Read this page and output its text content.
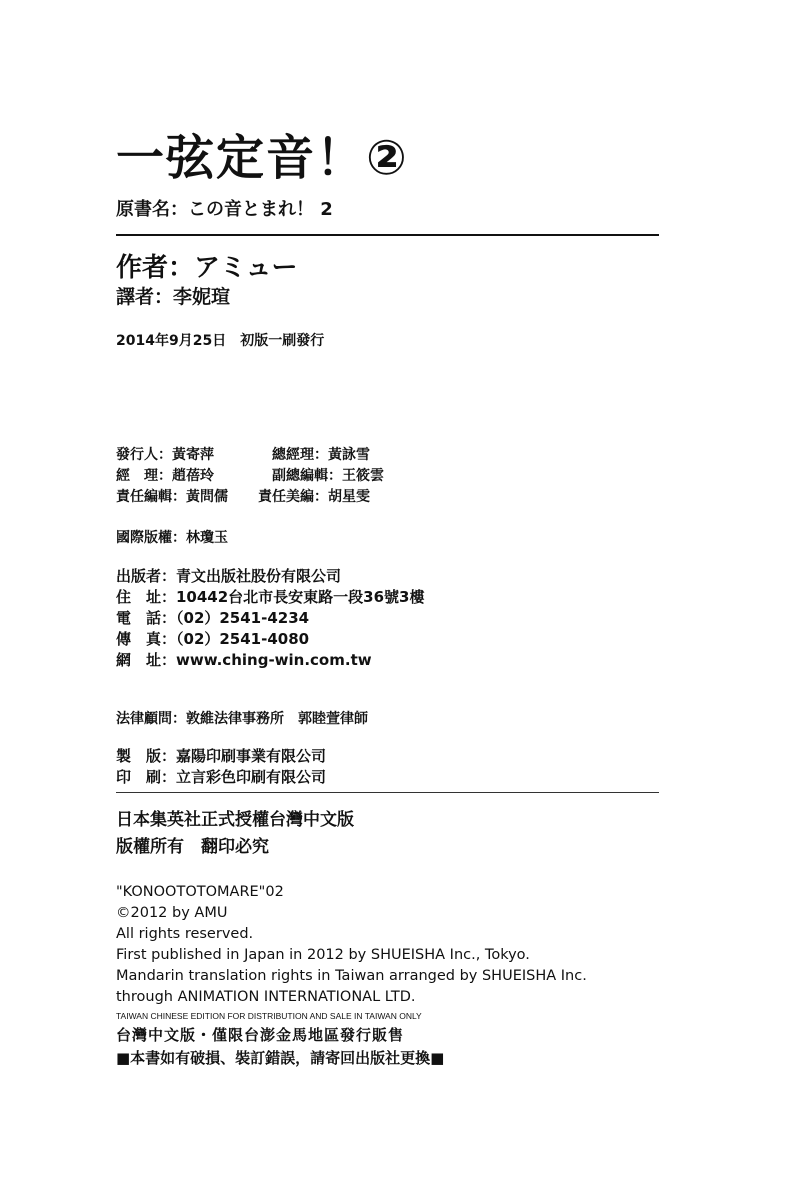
一弦定音！②
原書名：この音とまれ！ 2
作者：アミュー
譯者：李妮瑄
2014年9月25日　初版一刷發行
發行人：黃寄萍	總經理：黃詠雪
經　理：趙蓓玲	副總編輯：王筱雲
責任編輯：黃問儒 責任美編：胡星雯
國際版權：林瓊玉
出版者：青文出版社股份有限公司
住　址：10442台北市長安東路一段36號3樓
電　話：（02）2541-4234
傳　真：（02）2541-4080
網　址：www.ching-win.com.tw
法律顧問：敦維法律事務所　郭睦萱律師
製　版：嘉陽印刷事業有限公司
印　刷：立言彩色印刷有限公司
日本集英社正式授權台灣中文版
版權所有　翻印必究
"KONOOTOTOMARE"02
©2012 by AMU
All rights reserved.
First published in Japan in 2012 by SHUEISHA Inc., Tokyo.
Mandarin translation rights in Taiwan arranged by SHUEISHA Inc.
through ANIMATION INTERNATIONAL LTD.
TAIWAN CHINESE EDITION FOR DISTRIBUTION AND SALE IN TAIWAN ONLY
台灣中文版・僅限台澎金馬地區發行販售
■本書如有破損、裝訂錯誤，請寄回出版社更換■
